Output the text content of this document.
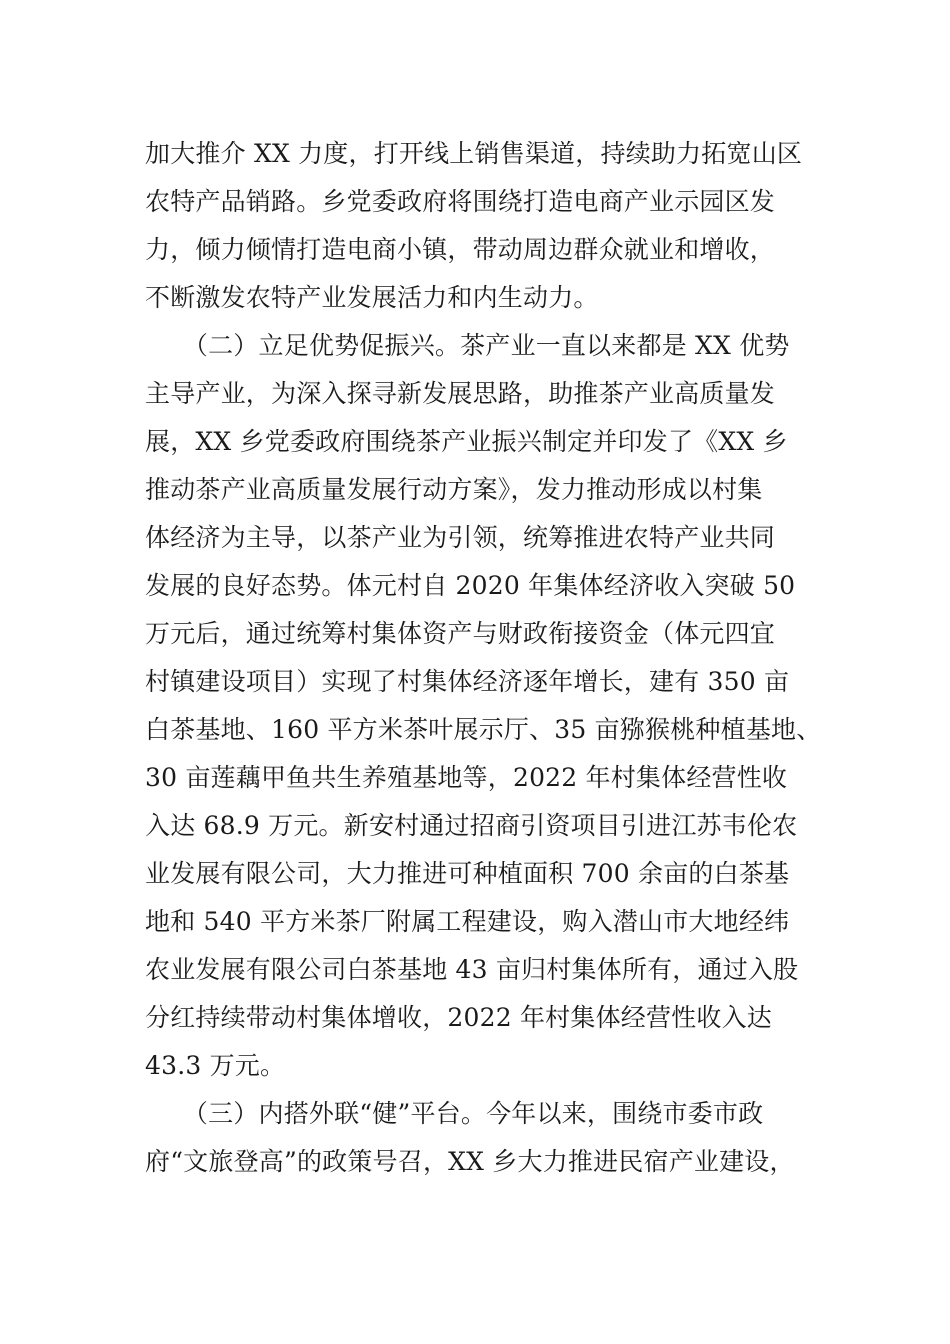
加大推介 XX 力度，打开线上销售渠道，持续助力拓宽山区
农特产品销路。乡党委政府将围绕打造电商产业示园区发
力，倾力倾情打造电商小镇，带动周边群众就业和增收，
不断激发农特产业发展活力和内生动力。
　　（二）立足优势促振兴。茶产业一直以来都是 XX 优势
主导产业，为深入探寻新发展思路，助推茶产业高质量发
展，XX 乡党委政府围绕茶产业振兴制定并印发了《XX 乡
推动茶产业高质量发展行动方案》，发力推动形成以村集
体经济为主导，以茶产业为引领，统筹推进农特产业共同
发展的良好态势。体元村自 2020 年集体经济收入突破 50
万元后，通过统筹村集体资产与财政衔接资金（体元四宜
村镇建设项目）实现了村集体经济逐年增长，建有 350 亩
白茶基地、160 平方米茶叶展示厅、35 亩猕猴桃种植基地、
30 亩莲藕甲鱼共生养殖基地等，2022 年村集体经营性收
入达 68.9 万元。新安村通过招商引资项目引进江苏韦伦农
业发展有限公司，大力推进可种植面积 700 余亩的白茶基
地和 540 平方米茶厂附属工程建设，购入潜山市大地经纬
农业发展有限公司白茶基地 43 亩归村集体所有，通过入股
分红持续带动村集体增收，2022 年村集体经营性收入达
43.3 万元。
　　（三）内搭外联“健”平台。今年以来，围绕市委市政
府“文旅登高”的政策号召，XX 乡大力推进民宿产业建设，
